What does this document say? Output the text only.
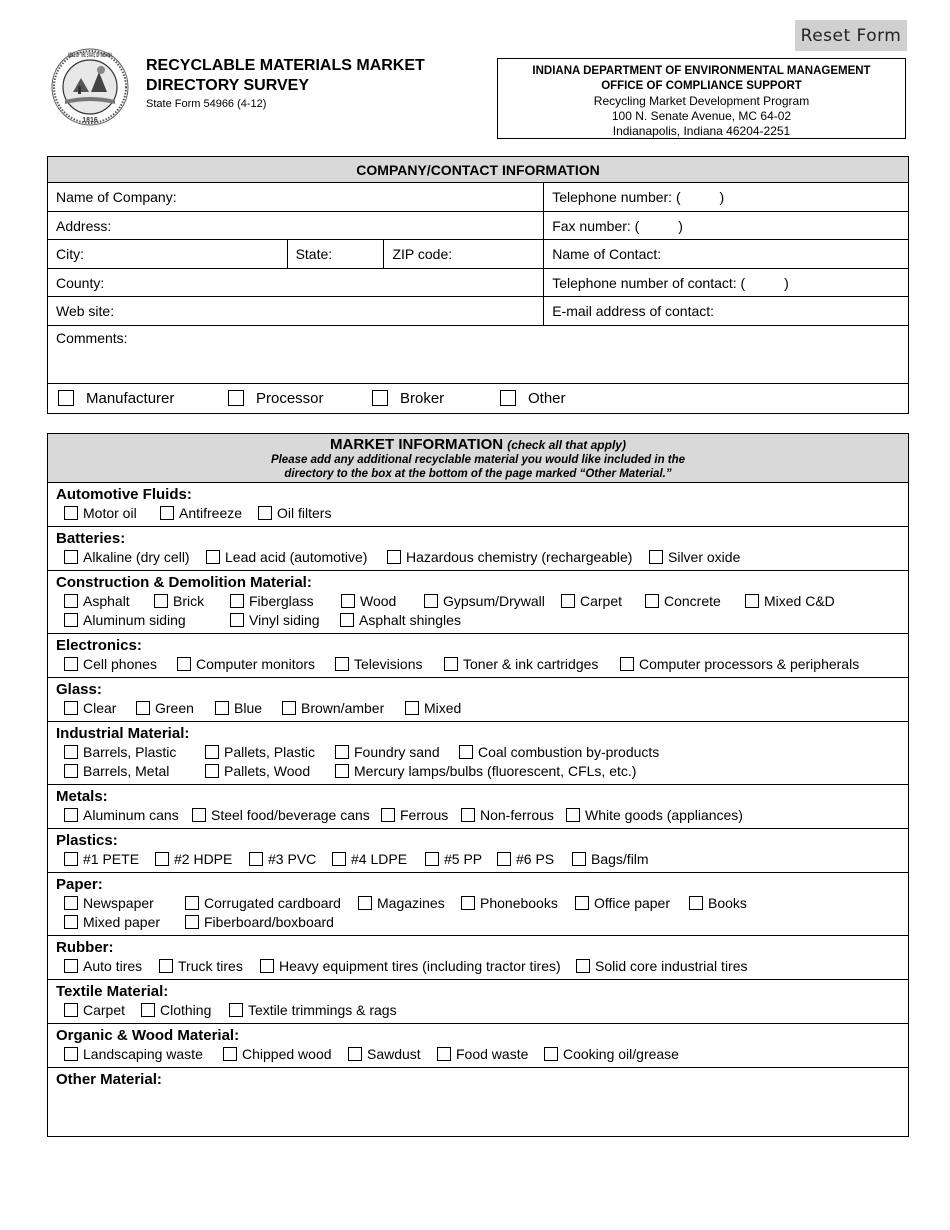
Reset Form
SEAL OF THE STATE OF INDIANA
1816
RECYCLABLE MATERIALS MARKET
DIRECTORY SURVEY
State Form 54966 (4-12)
INDIANA DEPARTMENT OF ENVIRONMENTAL MANAGEMENT
OFFICE OF COMPLIANCE SUPPORT
Recycling Market Development Program
100 N. Senate Avenue, MC 64-02
Indianapolis, Indiana 46204-2251
COMPANY/CONTACT INFORMATION			
Name of Company:			Telephone number: (          )
Address:			Fax number: (          )
City:	State:	ZIP code:	Name of Contact:
County:			Telephone number of contact: (          )
Web site:			E-mail address of contact:
Comments:			
Manufacturer Processor Broker Other			
MARKET INFORMATION (check all that apply)
Please add any additional recyclable material you would like included in the
directory to the box at the bottom of the page marked “Other Material.”
Automotive Fluids:
Motor oil	Antifreeze	Oil filters
Batteries:
Alkaline (dry cell)	Lead acid (automotive)	Hazardous chemistry (rechargeable)	Silver oxide
Construction & Demolition Material:
Asphalt	Brick	Fiberglass	Wood	Gypsum/Drywall	Carpet	Concrete	Mixed C&D
Aluminum siding	Vinyl siding	Asphalt shingles
Electronics:
Cell phones	Computer monitors	Televisions	Toner & ink cartridges	Computer processors & peripherals
Glass:
Clear	Green	Blue	Brown/amber	Mixed
Industrial Material:
Barrels, Plastic	Pallets, Plastic	Foundry sand	Coal combustion by-products
Barrels, Metal	Pallets, Wood	Mercury lamps/bulbs (fluorescent, CFLs, etc.)
Metals:
Aluminum cans	Steel food/beverage cans	Ferrous	Non-ferrous	White goods (appliances)
Plastics:
#1 PETE	#2 HDPE	#3 PVC	#4 LDPE	#5 PP	#6 PS	Bags/film
Paper:
Newspaper	Corrugated cardboard	Magazines	Phonebooks	Office paper	Books
Mixed paper	Fiberboard/boxboard
Rubber:
Auto tires	Truck tires	Heavy equipment tires (including tractor tires)	Solid core industrial tires
Textile Material:
Carpet	Clothing	Textile trimmings & rags
Organic & Wood Material:
Landscaping waste	Chipped wood	Sawdust	Food waste	Cooking oil/grease
Other Material:
